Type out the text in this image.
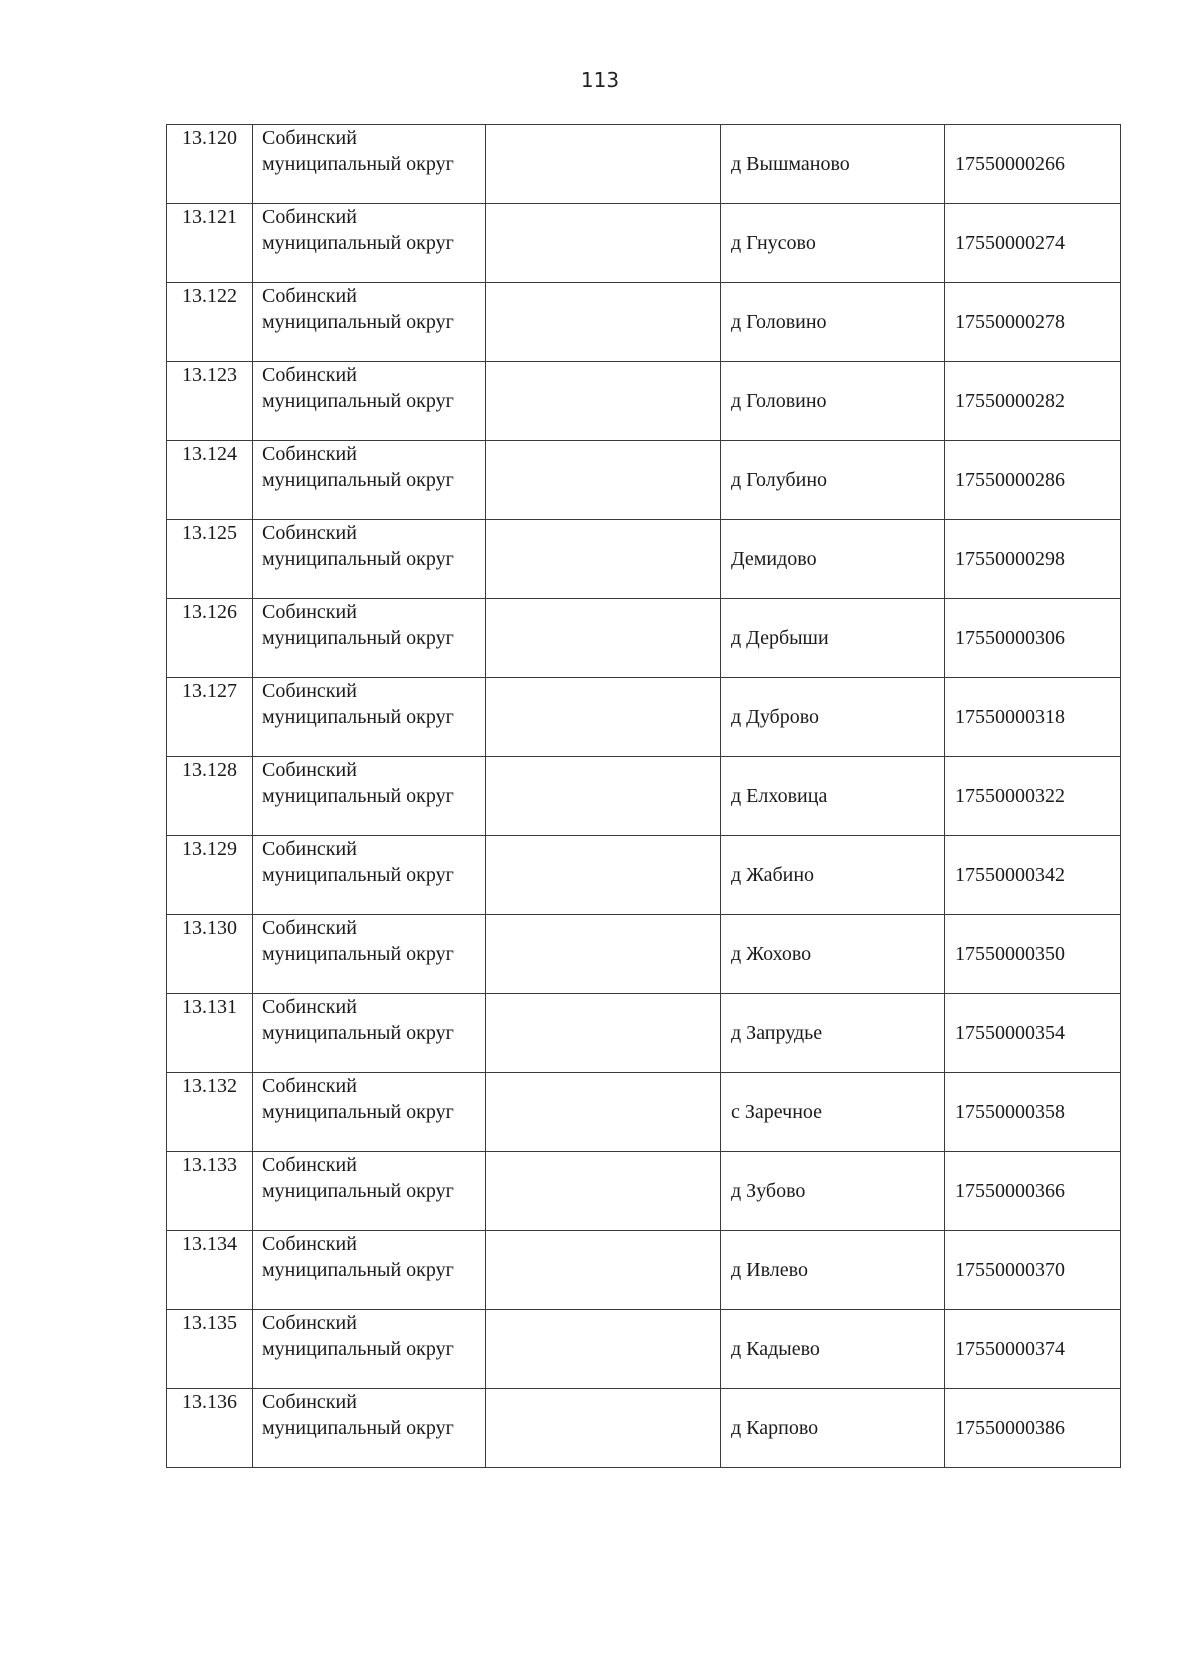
113
13.120	Собинский муниципальный округ		д Вышманово	17550000266
13.121	Собинский муниципальный округ		д Гнусово	17550000274
13.122	Собинский муниципальный округ		д Головино	17550000278
13.123	Собинский муниципальный округ		д Головино	17550000282
13.124	Собинский муниципальный округ		д Голубино	17550000286
13.125	Собинский муниципальный округ		Демидово	17550000298
13.126	Собинский муниципальный округ		д Дербыши	17550000306
13.127	Собинский муниципальный округ		д Дуброво	17550000318
13.128	Собинский муниципальный округ		д Елховица	17550000322
13.129	Собинский муниципальный округ		д Жабино	17550000342
13.130	Собинский муниципальный округ		д Жохово	17550000350
13.131	Собинский муниципальный округ		д Запрудье	17550000354
13.132	Собинский муниципальный округ		с Заречное	17550000358
13.133	Собинский муниципальный округ		д Зубово	17550000366
13.134	Собинский муниципальный округ		д Ивлево	17550000370
13.135	Собинский муниципальный округ		д Кадыево	17550000374
13.136	Собинский муниципальный округ		д Карпово	17550000386
